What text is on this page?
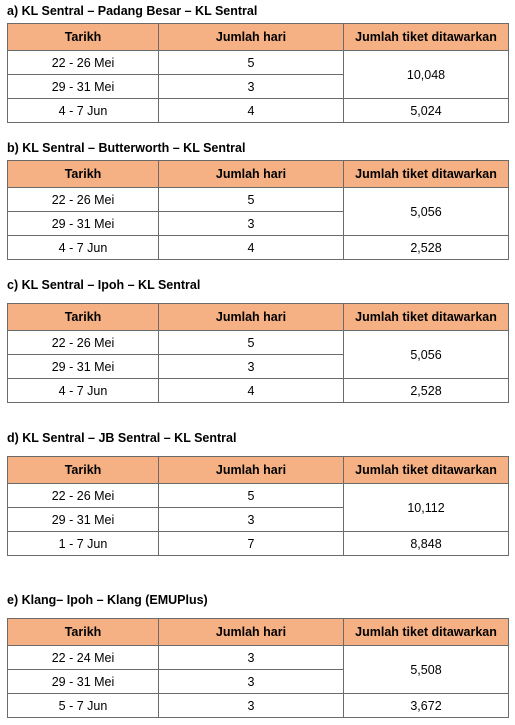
a) KL Sentral – Padang Besar – KL Sentral
Tarikh	Jumlah hari	Jumlah tiket ditawarkan
22 - 26 Mei	5	10,048
29 - 31 Mei	3	
4 - 7 Jun	4	5,024
b) KL Sentral – Butterworth – KL Sentral
Tarikh	Jumlah hari	Jumlah tiket ditawarkan
22 - 26 Mei	5	5,056
29 - 31 Mei	3	
4 - 7 Jun	4	2,528
c) KL Sentral – Ipoh – KL Sentral
Tarikh	Jumlah hari	Jumlah tiket ditawarkan
22 - 26 Mei	5	5,056
29 - 31 Mei	3	
4 - 7 Jun	4	2,528
d) KL Sentral – JB Sentral – KL Sentral
Tarikh	Jumlah hari	Jumlah tiket ditawarkan
22 - 26 Mei	5	10,112
29 - 31 Mei	3	
1 - 7 Jun	7	8,848
e) Klang– Ipoh – Klang (EMUPlus)
Tarikh	Jumlah hari	Jumlah tiket ditawarkan
22 - 24 Mei	3	5,508
29 - 31 Mei	3	
5 - 7 Jun	3	3,672
